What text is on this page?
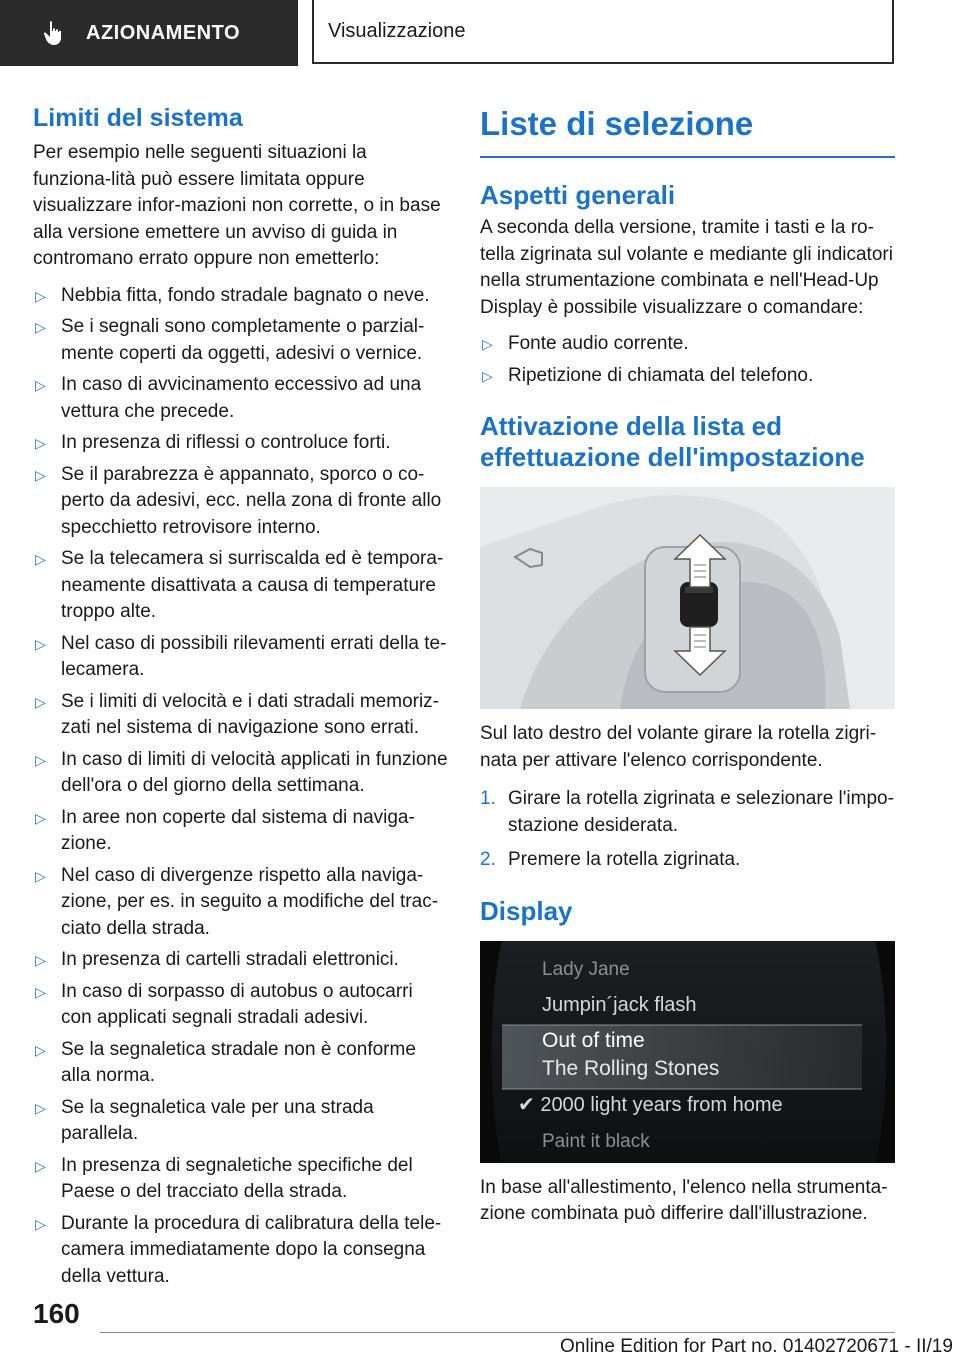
AZIONAMENTO	Visualizzazione
Limiti del sistema

Per esempio nelle seguenti situazioni la funziona‐lità può essere limitata oppure visualizzare infor‐mazioni non corrette, o in base alla versione emettere un avviso di guida in contromano errato oppure non emetterlo:

▷ Nebbia fitta, fondo stradale bagnato o neve.
▷ Se i segnali sono completamente o parzial‐mente coperti da oggetti, adesivi o vernice.
▷ In caso di avvicinamento eccessivo ad una vettura che precede.
▷ In presenza di riflessi o controluce forti.
▷ Se il parabrezza è appannato, sporco o co‐perto da adesivi, ecc. nella zona di fronte allo specchietto retrovisore interno.
▷ Se la telecamera si surriscalda ed è tempora‐neamente disattivata a causa di temperature troppo alte.
▷ Nel caso di possibili rilevamenti errati della te‐lecamera.
▷ Se i limiti di velocità e i dati stradali memoriz‐zati nel sistema di navigazione sono errati.
▷ In caso di limiti di velocità applicati in funzione dell'ora o del giorno della settimana.
▷ In aree non coperte dal sistema di naviga‐zione.
▷ Nel caso di divergenze rispetto alla naviga‐zione, per es. in seguito a modifiche del trac‐ciato della strada.
▷ In presenza di cartelli stradali elettronici.
▷ In caso di sorpasso di autobus o autocarri con applicati segnali stradali adesivi.
▷ Se la segnaletica stradale non è conforme alla norma.
▷ Se la segnaletica vale per una strada parallela.
▷ In presenza di segnaletiche specifiche del Paese o del tracciato della strada.
▷ Durante la procedura di calibratura della tele‐camera immediatamente dopo la consegna della vettura.
Liste di selezione
Aspetti generali

A seconda della versione, tramite i tasti e la ro‐tella zigrinata sul volante e mediante gli indicatori nella strumentazione combinata e nell'Head-Up Display è possibile visualizzare o comandare:

▷ Fonte audio corrente.
▷ Ripetizione di chiamata del telefono.
Attivazione della lista ed effettuazione dell'impostazione

Sul lato destro del volante girare la rotella zigri‐nata per attivare l'elenco corrispondente.

1. Girare la rotella zigrinata e selezionare l'impo‐stazione desiderata.
2. Premere la rotella zigrinata.
Display
Lady Jane
Jumpin´jack flash
Out of time
The Rolling Stones
✔ 2000 light years from home
Paint it black

In base all'allestimento, l'elenco nella strumenta‐zione combinata può differire dall'illustrazione.

160
Online Edition for Part no. 01402720671 - II/19
